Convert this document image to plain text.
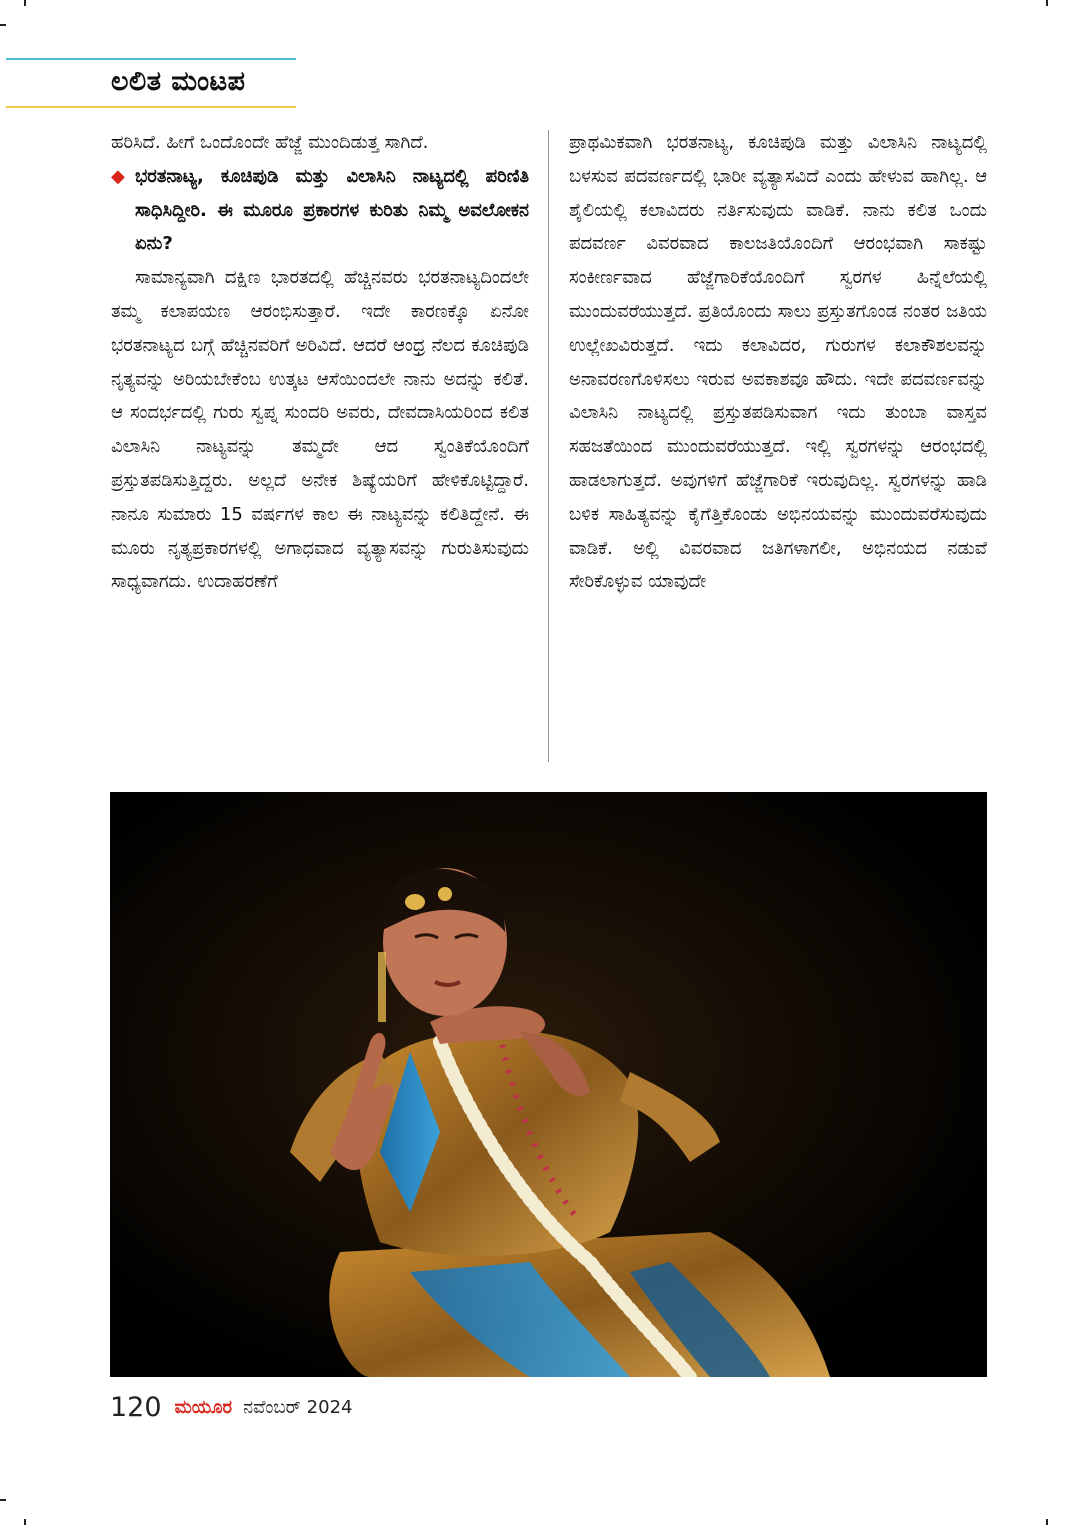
ಲಲಿತ ಮಂಟಪ

ಹರಿಸಿದೆ. ಹೀಗೆ ಒಂದೊಂದೇ ಹೆಜ್ಜೆ ಮುಂದಿಡುತ್ತ ಸಾಗಿದೆ.

◆ ಭರತನಾಟ್ಯ, ಕೂಚಿಪುಡಿ ಮತ್ತು ವಿಲಾಸಿನಿ ನಾಟ್ಯದಲ್ಲಿ ಪರಿಣಿತಿ ಸಾಧಿಸಿದ್ದೀರಿ. ಈ ಮೂರೂ ಪ್ರಕಾರಗಳ ಕುರಿತು ನಿಮ್ಮ ಅವಲೋಕನ ಏನು?

ಸಾಮಾನ್ಯವಾಗಿ ದಕ್ಷಿಣ ಭಾರತದಲ್ಲಿ ಹೆಚ್ಚಿನವರು ಭರತನಾಟ್ಯದಿಂದಲೇ ತಮ್ಮ ಕಲಾಪಯಣ ಆರಂಭಿಸುತ್ತಾರೆ. ಇದೇ ಕಾರಣಕ್ಕೊ ಏನೋ ಭರತನಾಟ್ಯದ ಬಗ್ಗೆ ಹೆಚ್ಚಿನವರಿಗೆ ಅರಿವಿದೆ. ಆದರೆ ಆಂಧ್ರ ನೆಲದ ಕೂಚಿಪುಡಿ ನೃತ್ಯವನ್ನು ಅರಿಯಬೇಕೆಂಬ ಉತ್ಕಟ ಆಸೆಯಿಂದಲೇ ನಾನು ಅದನ್ನು ಕಲಿತೆ. ಆ ಸಂದರ್ಭದಲ್ಲಿ ಗುರು ಸ್ವಪ್ನ ಸುಂದರಿ ಅವರು, ದೇವದಾಸಿಯರಿಂದ ಕಲಿತ ವಿಲಾಸಿನಿ ನಾಟ್ಯವನ್ನು ತಮ್ಮದೇ ಆದ ಸ್ವಂತಿಕೆಯೊಂದಿಗೆ ಪ್ರಸ್ತುತಪಡಿಸುತ್ತಿದ್ದರು. ಅಲ್ಲದೆ ಅನೇಕ ಶಿಷ್ಯೆಯರಿಗೆ ಹೇಳಿಕೊಟ್ಟಿದ್ದಾರೆ. ನಾನೂ ಸುಮಾರು 15 ವರ್ಷಗಳ ಕಾಲ ಈ ನಾಟ್ಯವನ್ನು ಕಲಿತಿದ್ದೇನೆ. ಈ ಮೂರು ನೃತ್ಯಪ್ರಕಾರಗಳಲ್ಲಿ ಅಗಾಧವಾದ ವ್ಯತ್ಯಾಸವನ್ನು ಗುರುತಿಸುವುದು ಸಾಧ್ಯವಾಗದು. ಉದಾಹರಣೆಗೆ

ಪ್ರಾಥಮಿಕವಾಗಿ ಭರತನಾಟ್ಯ, ಕೂಚಿಪುಡಿ ಮತ್ತು ವಿಲಾಸಿನಿ ನಾಟ್ಯದಲ್ಲಿ ಬಳಸುವ ಪದವರ್ಣದಲ್ಲಿ ಭಾರೀ ವ್ಯತ್ಯಾಸವಿದೆ ಎಂದು ಹೇಳುವ ಹಾಗಿಲ್ಲ. ಆ ಶೈಲಿಯಲ್ಲಿ ಕಲಾವಿದರು ನರ್ತಿಸುವುದು ವಾಡಿಕೆ. ನಾನು ಕಲಿತ ಒಂದು ಪದವರ್ಣ ವಿವರವಾದ ಕಾಲಜತಿಯೊಂದಿಗೆ ಆರಂಭವಾಗಿ ಸಾಕಷ್ಟು ಸಂಕೀರ್ಣವಾದ ಹೆಜ್ಜೆಗಾರಿಕೆಯೊಂದಿಗೆ ಸ್ವರಗಳ ಹಿನ್ನೆಲೆಯಲ್ಲಿ ಮುಂದುವರೆಯುತ್ತದೆ. ಪ್ರತಿಯೊಂದು ಸಾಲು ಪ್ರಸ್ತುತಗೊಂಡ ನಂತರ ಜತಿಯ ಉಲ್ಲೇಖವಿರುತ್ತದೆ. ಇದು ಕಲಾವಿದರ, ಗುರುಗಳ ಕಲಾಕೌಶಲವನ್ನು ಅನಾವರಣಗೊಳಿಸಲು ಇರುವ ಅವಕಾಶವೂ ಹೌದು. ಇದೇ ಪದವರ್ಣವನ್ನು ವಿಲಾಸಿನಿ ನಾಟ್ಯದಲ್ಲಿ ಪ್ರಸ್ತುತಪಡಿಸುವಾಗ ಇದು ತುಂಬಾ ವಾಸ್ತವ ಸಹಜತೆಯಿಂದ ಮುಂದುವರೆಯುತ್ತದೆ. ಇಲ್ಲಿ ಸ್ವರಗಳನ್ನು ಆರಂಭದಲ್ಲಿ ಹಾಡಲಾಗುತ್ತದೆ. ಅವುಗಳಿಗೆ ಹೆಜ್ಜೆಗಾರಿಕೆ ಇರುವುದಿಲ್ಲ. ಸ್ವರಗಳನ್ನು ಹಾಡಿ ಬಳಿಕ ಸಾಹಿತ್ಯವನ್ನು ಕೈಗೆತ್ತಿಕೊಂಡು ಅಭಿನಯವನ್ನು ಮುಂದುವರೆಸುವುದು ವಾಡಿಕೆ. ಅಲ್ಲಿ ವಿವರವಾದ ಜತಿಗಳಾಗಲೀ, ಅಭಿನಯದ ನಡುವೆ ಸೇರಿಕೊಳ್ಳುವ ಯಾವುದೇ

120 ಮಯೂರ ನವೆಂಬರ್ 2024
